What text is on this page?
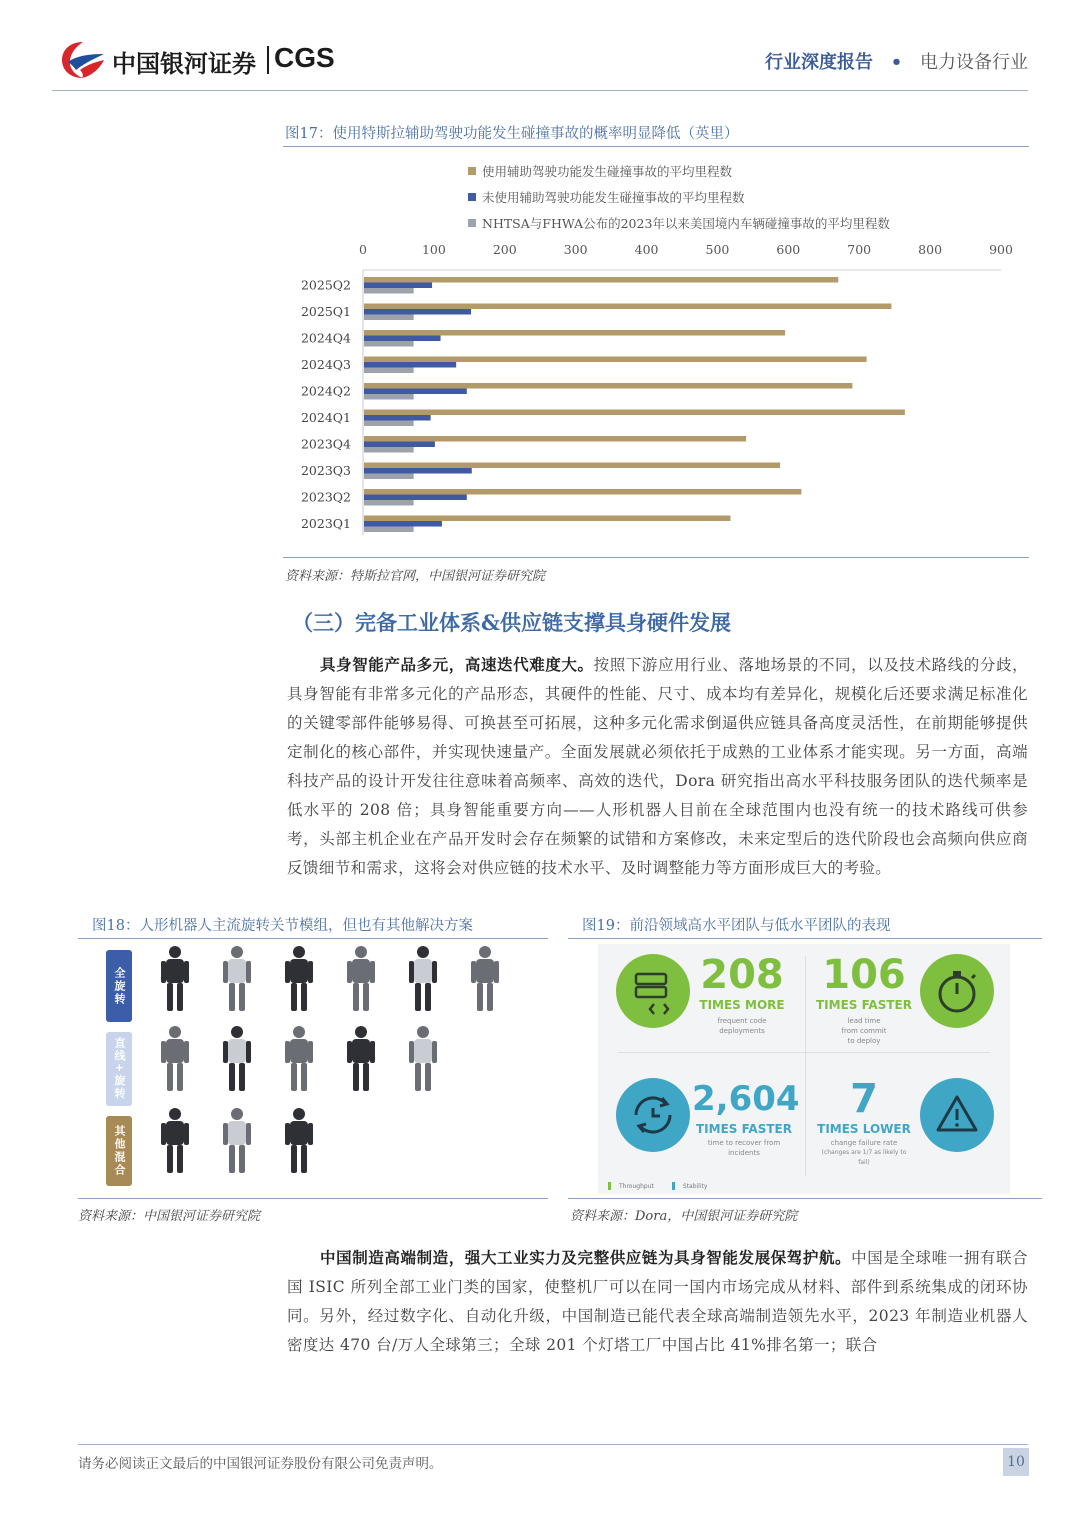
中国银河证券 CGS	行业深度报告 • 电力设备行业
图17：使用特斯拉辅助驾驶功能发生碰撞事故的概率明显降低（英里）
使用辅助驾驶功能发生碰撞事故的平均里程数
未使用辅助驾驶功能发生碰撞事故的平均里程数
NHTSA与FHWA公布的2023年以来美国境内车辆碰撞事故的平均里程数
0	100	200	300	400	500	600	700	800	900
2025Q2
2025Q1
2024Q4
2024Q3
2024Q2
2024Q1
2023Q4
2023Q3
2023Q2
2023Q1
资料来源：特斯拉官网，中国银河证券研究院
（三）完备工业体系&供应链支撑具身硬件发展
具身智能产品多元，高速迭代难度大。按照下游应用行业、落地场景的不同，以及技术路线的分歧，具身智能有非常多元化的产品形态，其硬件的性能、尺寸、成本均有差异化，规模化后还要求满足标准化的关键零部件能够易得、可换甚至可拓展，这种多元化需求倒逼供应链具备高度灵活性，在前期能够提供定制化的核心部件，并实现快速量产。全面发展就必须依托于成熟的工业体系才能实现。另一方面，高端科技产品的设计开发往往意味着高频率、高效的迭代，Dora 研究指出高水平科技服务团队的迭代频率是低水平的 208 倍；具身智能重要方向——人形机器人目前在全球范围内也没有统一的技术路线可供参考，头部主机企业在产品开发时会存在频繁的试错和方案修改，未来定型后的迭代阶段也会高频向供应商反馈细节和需求，这将会对供应链的技术水平、及时调整能力等方面形成巨大的考验。
图18：人形机器人主流旋转关节模组，但也有其他解决方案
全旋转
直线+旋转
其他混合
资料来源：中国银河证券研究院
图19：前沿领域高水平团队与低水平团队的表现
208
TIMES MORE
frequent code deployments
106
TIMES FASTER
lead time from commit to deploy
2,604
TIMES FASTER
time to recover from incidents
7
TIMES LOWER
change failure rate
(changes are 1/7 as likely to fail)
Throughput	Stability
资料来源：Dora，中国银河证券研究院
中国制造高端制造，强大工业实力及完整供应链为具身智能发展保驾护航。中国是全球唯一拥有联合国 ISIC 所列全部工业门类的国家，使整机厂可以在同一国内市场完成从材料、部件到系统集成的闭环协同。另外，经过数字化、自动化升级，中国制造已能代表全球高端制造领先水平，2023 年制造业机器人密度达 470 台/万人全球第三；全球 201 个灯塔工厂中国占比 41%排名第一；联合
请务必阅读正文最后的中国银河证券股份有限公司免责声明。	10
